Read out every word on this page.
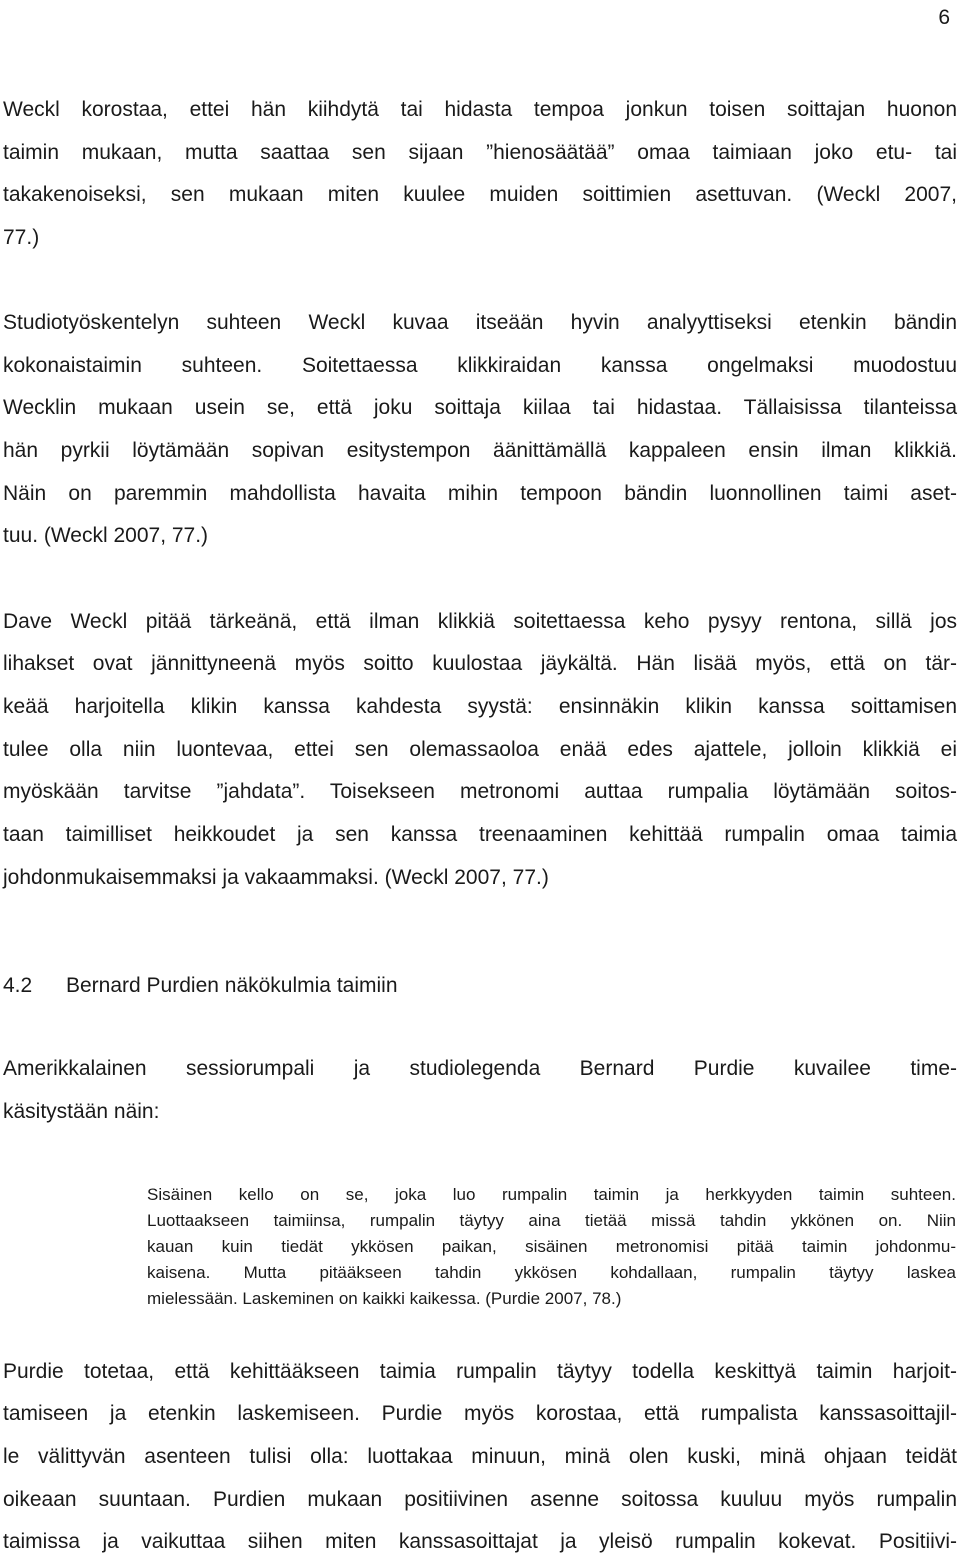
6
Weckl korostaa, ettei hän kiihdytä tai hidasta tempoa jonkun toisen soittajan huonon
taimin mukaan, mutta saattaa sen sijaan ”hienosäätää” omaa taimiaan joko etu- tai
takakenoiseksi, sen mukaan miten kuulee muiden soittimien asettuvan. (Weckl 2007,
77.)
Studiotyöskentelyn suhteen Weckl kuvaa itseään hyvin analyyttiseksi etenkin bändin
kokonaistaimin suhteen. Soitettaessa klikkiraidan kanssa ongelmaksi muodostuu
Wecklin mukaan usein se, että joku soittaja kiilaa tai hidastaa. Tällaisissa tilanteissa
hän pyrkii löytämään sopivan esitystempon äänittämällä kappaleen ensin ilman klikkiä.
Näin on paremmin mahdollista havaita mihin tempoon bändin luonnollinen taimi aset-
tuu. (Weckl 2007, 77.)
Dave Weckl pitää tärkeänä, että ilman klikkiä soitettaessa keho pysyy rentona, sillä jos
lihakset ovat jännittyneenä myös soitto kuulostaa jäykältä. Hän lisää myös, että on tär-
keää harjoitella klikin kanssa kahdesta syystä: ensinnäkin klikin kanssa soittamisen
tulee olla niin luontevaa, ettei sen olemassaoloa enää edes ajattele, jolloin klikkiä ei
myöskään tarvitse ”jahdata”. Toisekseen metronomi auttaa rumpalia löytämään soitos-
taan taimilliset heikkoudet ja sen kanssa treenaaminen kehittää rumpalin omaa taimia
johdonmukaisemmaksi ja vakaammaksi. (Weckl 2007, 77.)
4.2 Bernard Purdien näkökulmia taimiin
Amerikkalainen sessiorumpali ja studiolegenda Bernard Purdie kuvailee time-
käsitystään näin:
Sisäinen kello on se, joka luo rumpalin taimin ja herkkyyden taimin suhteen.
Luottaakseen taimiinsa, rumpalin täytyy aina tietää missä tahdin ykkönen on. Niin
kauan kuin tiedät ykkösen paikan, sisäinen metronomisi pitää taimin johdonmu-
kaisena. Mutta pitääkseen tahdin ykkösen kohdallaan, rumpalin täytyy laskea
mielessään. Laskeminen on kaikki kaikessa. (Purdie 2007, 78.)
Purdie totetaa, että kehittääkseen taimia rumpalin täytyy todella keskittyä taimin harjoit-
tamiseen ja etenkin laskemiseen. Purdie myös korostaa, että rumpalista kanssasoittajil-
le välittyvän asenteen tulisi olla: luottakaa minuun, minä olen kuski, minä ohjaan teidät
oikeaan suuntaan. Purdien mukaan positiivinen asenne soitossa kuuluu myös rumpalin
taimissa ja vaikuttaa siihen miten kanssasoittajat ja yleisö rumpalin kokevat. Positiivi-
